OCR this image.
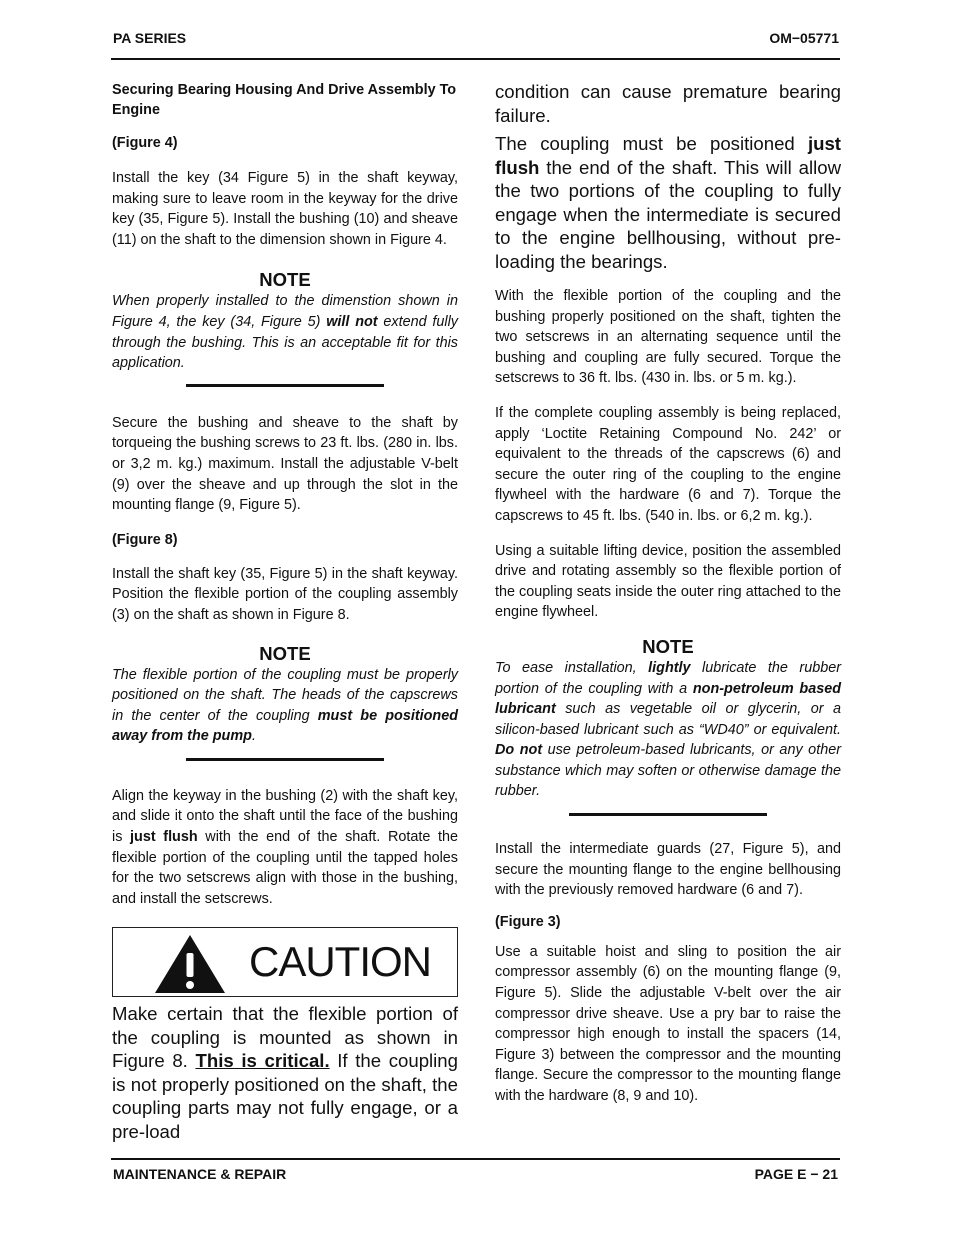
PA SERIES	OM−05771
Securing Bearing Housing And Drive Assembly To Engine
(Figure 4)

Install the key (34 Figure 5) in the shaft keyway, making sure to leave room in the keyway for the drive key (35, Figure 5). Install the bushing (10) and sheave (11) on the shaft to the dimension shown in Figure 4.

NOTE
When properly installed to the dimenstion shown in Figure 4, the key (34, Figure 5) will not extend fully through the bushing. This is an acceptable fit for this application.

Secure the bushing and sheave to the shaft by torqueing the bushing screws to 23 ft. lbs. (280 in. lbs. or 3,2 m. kg.) maximum. Install the adjustable V-belt (9) over the sheave and up through the slot in the mounting flange (9, Figure 5).

(Figure 8)

Install the shaft key (35, Figure 5) in the shaft keyway. Position the flexible portion of the coupling assembly (3) on the shaft as shown in Figure 8.

NOTE
The flexible portion of the coupling must be properly positioned on the shaft. The heads of the capscrews in the center of the coupling must be positioned away from the pump.

Align the keyway in the bushing (2) with the shaft key, and slide it onto the shaft until the face of the bushing is just flush with the end of the shaft. Rotate the flexible portion of the coupling until the tapped holes for the two setscrews align with those in the bushing, and install the setscrews.

CAUTION
Make certain that the flexible portion of the coupling is mounted as shown in Figure 8. This is critical. If the coupling is not properly positioned on the shaft, the coupling parts may not fully engage, or a pre-load
condition can cause premature bearing failure.
The coupling must be positioned just flush the end of the shaft. This will allow the two portions of the coupling to fully engage when the intermediate is secured to the engine bellhousing, without pre-loading the bearings.

With the flexible portion of the coupling and the bushing properly positioned on the shaft, tighten the two setscrews in an alternating sequence until the bushing and coupling are fully secured. Torque the setscrews to 36 ft. lbs. (430 in. lbs. or 5 m. kg.).

If the complete coupling assembly is being replaced, apply ‘Loctite Retaining Compound No. 242’ or equivalent to the threads of the capscrews (6) and secure the outer ring of the coupling to the engine flywheel with the hardware (6 and 7). Torque the capscrews to 45 ft. lbs. (540 in. lbs. or 6,2 m. kg.).

Using a suitable lifting device, position the assembled drive and rotating assembly so the flexible portion of the coupling seats inside the outer ring attached to the engine flywheel.

NOTE
To ease installation, lightly lubricate the rubber portion of the coupling with a non-petroleum based lubricant such as vegetable oil or glycerin, or a silicon-based lubricant such as “WD40” or equivalent. Do not use petroleum-based lubricants, or any other substance which may soften or otherwise damage the rubber.

Install the intermediate guards (27, Figure 5), and secure the mounting flange to the engine bellhousing with the previously removed hardware (6 and 7).

(Figure 3)

Use a suitable hoist and sling to position the air compressor assembly (6) on the mounting flange (9, Figure 5). Slide the adjustable V-belt over the air compressor drive sheave. Use a pry bar to raise the compressor high enough to install the spacers (14, Figure 3) between the compressor and the mounting flange. Secure the compressor to the mounting flange with the hardware (8, 9 and 10).

MAINTENANCE & REPAIR	PAGE E − 21
